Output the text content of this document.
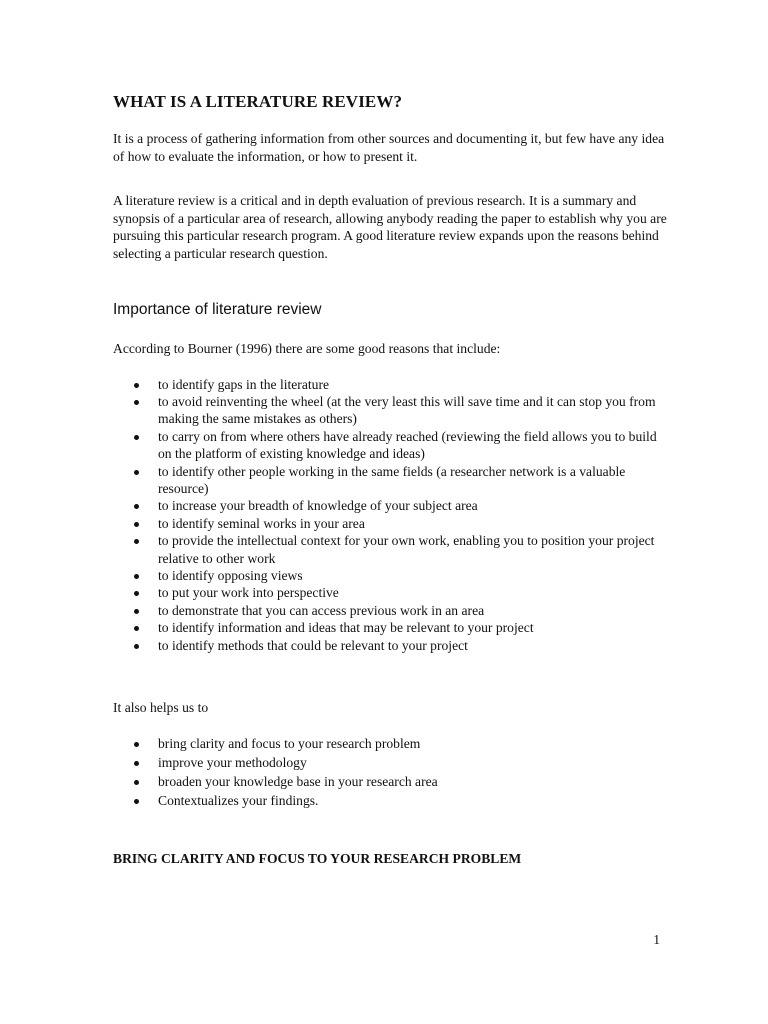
WHAT IS A LITERATURE REVIEW?

It is a process of gathering information from other sources and documenting it, but few have any idea of how to evaluate the information, or how to present it.

A literature review is a critical and in depth evaluation of previous research. It is a summary and synopsis of a particular area of research, allowing anybody reading the paper to establish why you are pursuing this particular research program. A good literature review expands upon the reasons behind selecting a particular research question.

Importance of literature review

According to Bourner (1996) there are some good reasons that include:

to identify gaps in the literature
to avoid reinventing the wheel (at the very least this will save time and it can stop you from making the same mistakes as others)
to carry on from where others have already reached (reviewing the field allows you to build on the platform of existing knowledge and ideas)
to identify other people working in the same fields (a researcher network is a valuable resource)
to increase your breadth of knowledge of your subject area
to identify seminal works in your area
to provide the intellectual context for your own work, enabling you to position your project relative to other work
to identify opposing views
to put your work into perspective
to demonstrate that you can access previous work in an area
to identify information and ideas that may be relevant to your project
to identify methods that could be relevant to your project

It also helps us to

bring clarity and focus to your research problem
improve your methodology
broaden your knowledge base in your research area
Contextualizes your findings.
BRING CLARITY AND FOCUS TO YOUR RESEARCH PROBLEM
1
